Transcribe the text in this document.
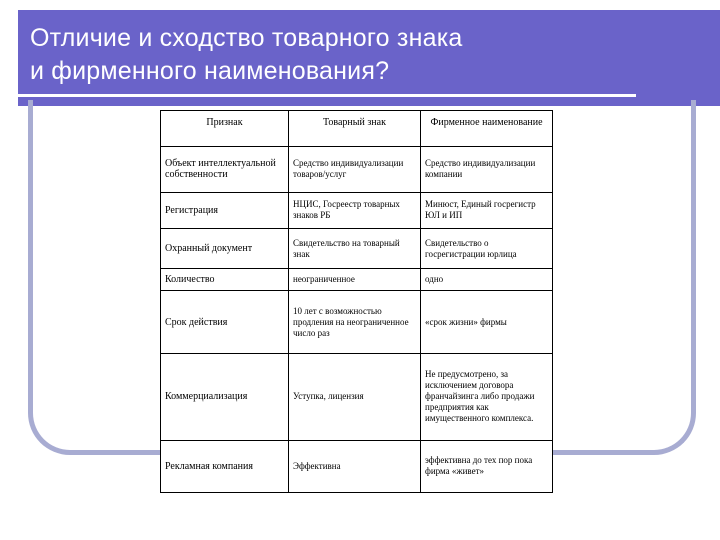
Отличие и сходство товарного знака
и фирменного наименования?
Признак	Товарный знак	Фирменное наименование
Объект интеллектуальной собственности	Средство индивидуализации товаров/услуг	Средство индивидуализации компании
Регистрация	НЦИС, Госреестр товарных знаков РБ	Минюст, Единый госрегистр ЮЛ и ИП
Охранный документ	Свидетельство на товарный знак	Свидетельство о госрегистрации юрлица
Количество	неограниченное	одно
Срок действия	10 лет с возможностью продления на неограниченное число раз	«срок жизни» фирмы
Коммерциализация	Уступка, лицензия	Не предусмотрено, за исключением договора франчайзинга либо продажи предприятия как имущественного комплекса.
Рекламная компания	Эффективна	эффективна до тех пор пока фирма «живет»
